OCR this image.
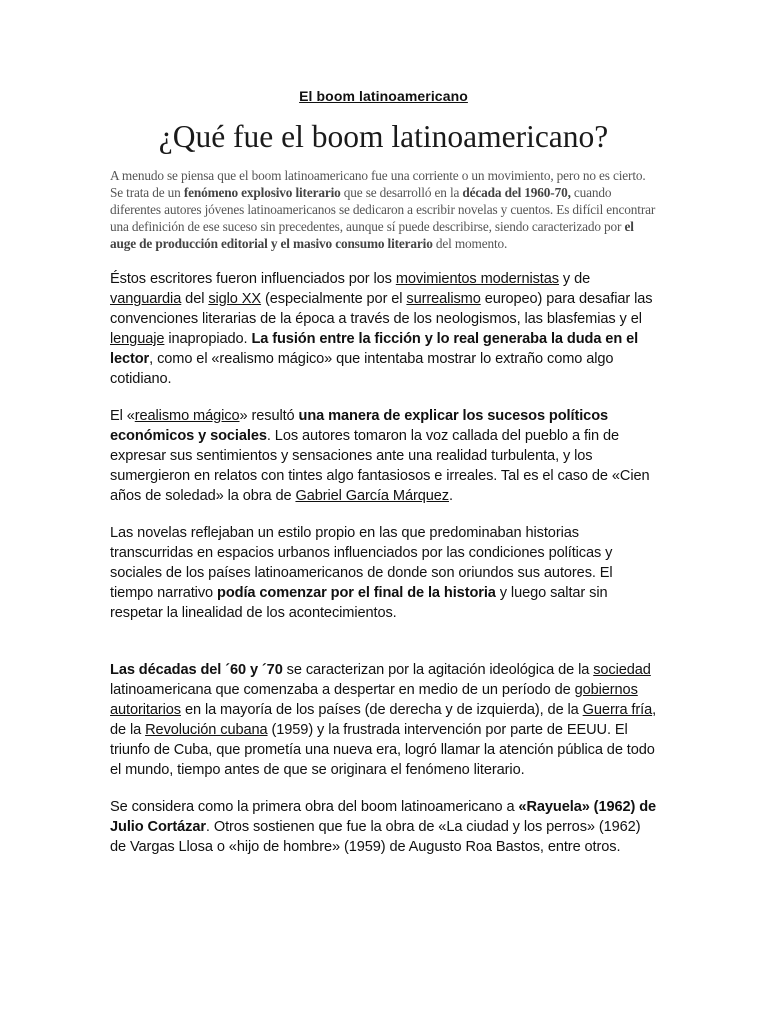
El boom latinoamericano
¿Qué fue el boom latinoamericano?

A menudo se piensa que el boom latinoamericano fue una corriente o un movimiento, pero no es cierto. Se trata de un fenómeno explosivo literario que se desarrolló en la década del 1960-70, cuando diferentes autores jóvenes latinoamericanos se dedicaron a escribir novelas y cuentos. Es difícil encontrar una definición de ese suceso sin precedentes, aunque sí puede describirse, siendo caracterizado por el auge de producción editorial y el masivo consumo literario del momento.

Éstos escritores fueron influenciados por los movimientos modernistas y de vanguardia del siglo XX (especialmente por el surrealismo europeo) para desafiar las convenciones literarias de la época a través de los neologismos, las blasfemias y el lenguaje inapropiado. La fusión entre la ficción y lo real generaba la duda en el lector, como el «realismo mágico» que intentaba mostrar lo extraño como algo cotidiano.

El «realismo mágico» resultó una manera de explicar los sucesos políticos económicos y sociales. Los autores tomaron la voz callada del pueblo a fin de expresar sus sentimientos y sensaciones ante una realidad turbulenta, y los sumergieron en relatos con tintes algo fantasiosos e irreales. Tal es el caso de «Cien años de soledad» la obra de Gabriel García Márquez.

Las novelas reflejaban un estilo propio en las que predominaban historias transcurridas en espacios urbanos influenciados por las condiciones políticas y sociales de los países latinoamericanos de donde son oriundos sus autores. El tiempo narrativo podía comenzar por el final de la historia y luego saltar sin respetar la linealidad de los acontecimientos.

Las décadas del ´60 y ´70 se caracterizan por la agitación ideológica de la sociedad latinoamericana que comenzaba a despertar en medio de un período de gobiernos autoritarios en la mayoría de los países (de derecha y de izquierda), de la Guerra fría, de la Revolución cubana (1959) y la frustrada intervención por parte de EEUU. El triunfo de Cuba, que prometía una nueva era, logró llamar la atención pública de todo el mundo, tiempo antes de que se originara el fenómeno literario.

Se considera como la primera obra del boom latinoamericano a «Rayuela» (1962) de Julio Cortázar. Otros sostienen que fue la obra de «La ciudad y los perros» (1962) de Vargas Llosa o «hijo de hombre» (1959) de Augusto Roa Bastos, entre otros.
